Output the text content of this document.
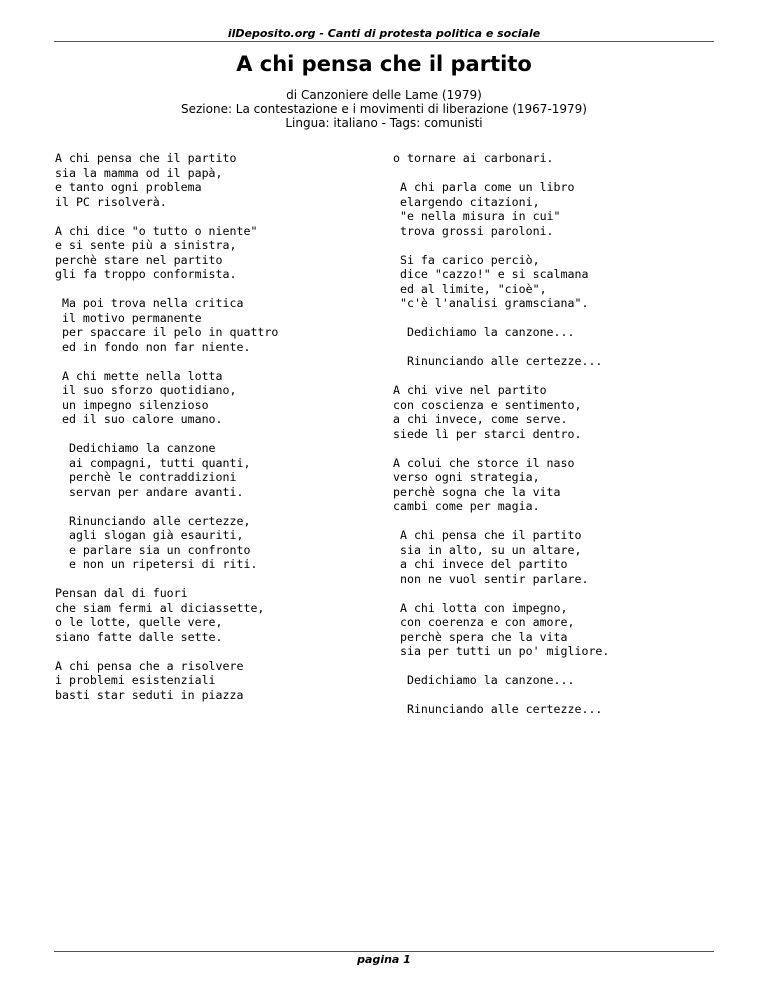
ilDeposito.org - Canti di protesta politica e sociale
A chi pensa che il partito
di Canzoniere delle Lame (1979)
Sezione: La contestazione e i movimenti di liberazione (1967-1979)
Lingua: italiano - Tags: comunisti
A chi pensa che il partito
sia la mamma od il papà,
e tanto ogni problema
il PC risolverà.
A chi dice "o tutto o niente"
e si sente più a sinistra,
perchè stare nel partito
gli fa troppo conformista.
Ma poi trova nella critica
il motivo permanente
per spaccare il pelo in quattro
ed in fondo non far niente.
A chi mette nella lotta
il suo sforzo quotidiano,
un impegno silenzioso
ed il suo calore umano.
Dedichiamo la canzone
ai compagni, tutti quanti,
perchè le contraddizioni
servan per andare avanti.
Rinunciando alle certezze,
agli slogan già esauriti,
e parlare sia un confronto
e non un ripetersi di riti.
Pensan dal di fuori
che siam fermi al diciassette,
o le lotte, quelle vere,
siano fatte dalle sette.
A chi pensa che a risolvere
i problemi esistenziali
basti star seduti in piazza
o tornare ai carbonari.
A chi parla come un libro
elargendo citazioni,
"e nella misura in cui"
trova grossi paroloni.
Si fa carico perciò,
dice "cazzo!" e si scalmana
ed al limite, "cioè",
"c'è l'analisi gramsciana".
Dedichiamo la canzone...
Rinunciando alle certezze...
A chi vive nel partito
con coscienza e sentimento,
a chi invece, come serve.
siede lì per starci dentro.
A colui che storce il naso
verso ogni strategia,
perchè sogna che la vita
cambi come per magia.
A chi pensa che il partito
sia in alto, su un altare,
a chi invece del partito
non ne vuol sentir parlare.
A chi lotta con impegno,
con coerenza e con amore,
perchè spera che la vita
sia per tutti un po' migliore.
Dedichiamo la canzone...
Rinunciando alle certezze...
pagina 1
